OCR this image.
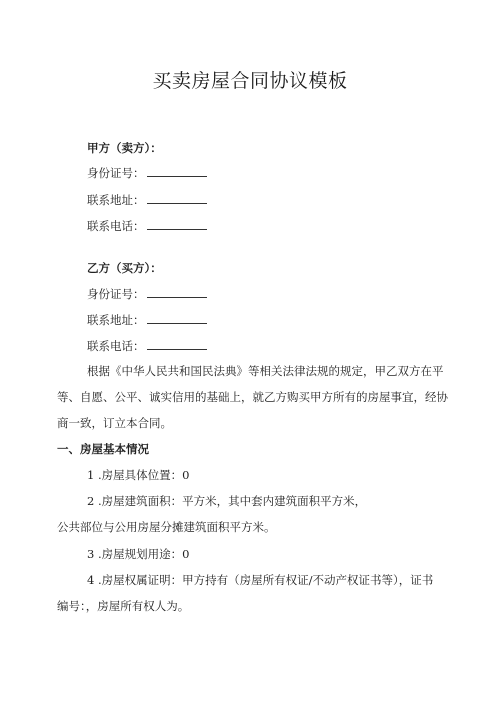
买卖房屋合同协议模板
甲方（卖方）：
身份证号：
联系地址：
联系电话：
乙方（买方）：
身份证号：
联系地址：
联系电话：
根据《中华人民共和国民法典》等相关法律法规的规定，甲乙双方在平
等、自愿、公平、诚实信用的基础上，就乙方购买甲方所有的房屋事宜，经协
商一致，订立本合同。
一、房屋基本情况
1 .房屋具体位置：0
2 .房屋建筑面积：平方米，其中套内建筑面积平方米，
公共部位与公用房屋分摊建筑面积平方米。
3 .房屋规划用途：0
4 .房屋权属证明：甲方持有（房屋所有权证/不动产权证书等），证书
编号：，房屋所有权人为。
